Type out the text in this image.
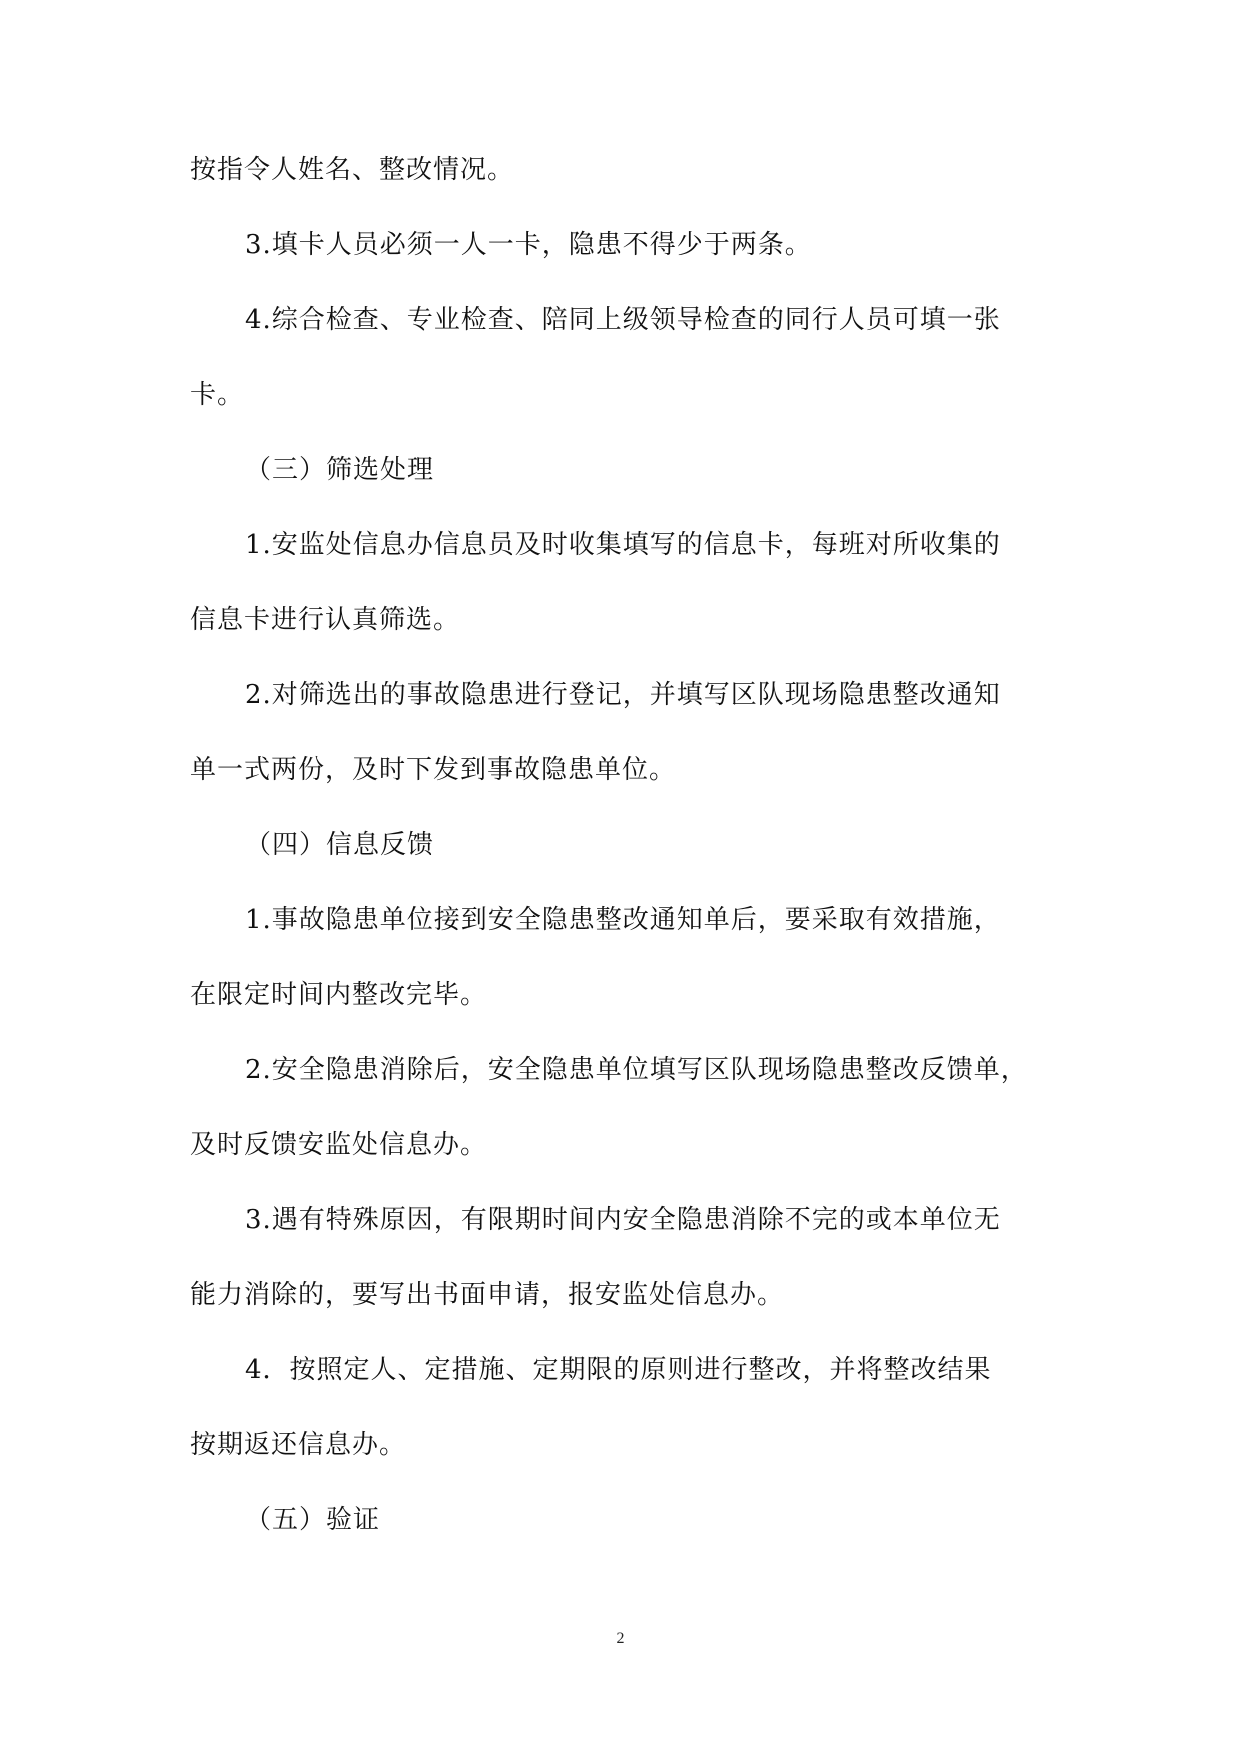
按指令人姓名、整改情况。
3.填卡人员必须一人一卡，隐患不得少于两条。
4.综合检查、专业检查、陪同上级领导检查的同行人员可填一张
卡。
（三）筛选处理
1.安监处信息办信息员及时收集填写的信息卡，每班对所收集的
信息卡进行认真筛选。
2.对筛选出的事故隐患进行登记，并填写区队现场隐患整改通知
单一式两份，及时下发到事故隐患单位。
（四）信息反馈
1.事故隐患单位接到安全隐患整改通知单后，要采取有效措施，
在限定时间内整改完毕。
2.安全隐患消除后，安全隐患单位填写区队现场隐患整改反馈单，
及时反馈安监处信息办。
3.遇有特殊原因，有限期时间内安全隐患消除不完的或本单位无
能力消除的，要写出书面申请，报安监处信息办。
4．按照定人、定措施、定期限的原则进行整改，并将整改结果
按期返还信息办。
（五）验证
2
